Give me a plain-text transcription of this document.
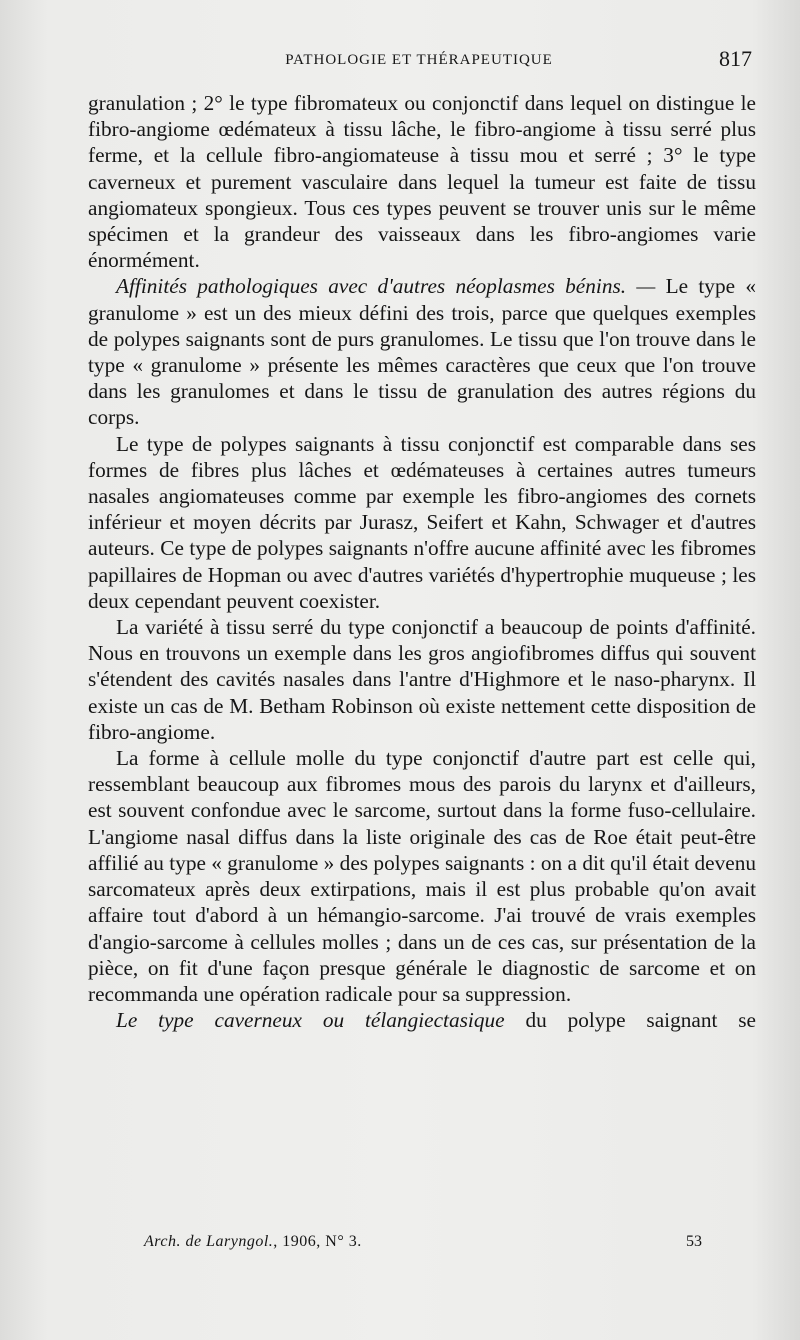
PATHOLOGIE ET THÉRAPEUTIQUE	817

granulation ; 2° le type fibromateux ou conjonctif dans lequel on distingue le fibro-angiome œdémateux à tissu lâche, le fibro-angiome à tissu serré plus ferme, et la cellule fibro-angiomateuse à tissu mou et serré ; 3° le type caverneux et purement vasculaire dans lequel la tumeur est faite de tissu angiomateux spongieux. Tous ces types peuvent se trouver unis sur le même spécimen et la grandeur des vaisseaux dans les fibro-angiomes varie énormément.

Affinités pathologiques avec d'autres néoplasmes bénins. — Le type « granulome » est un des mieux défini des trois, parce que quelques exemples de polypes saignants sont de purs granulomes. Le tissu que l'on trouve dans le type « granulome » présente les mêmes caractères que ceux que l'on trouve dans les granulomes et dans le tissu de granulation des autres régions du corps.

Le type de polypes saignants à tissu conjonctif est comparable dans ses formes de fibres plus lâches et œdémateuses à certaines autres tumeurs nasales angiomateuses comme par exemple les fibro-angiomes des cornets inférieur et moyen décrits par Jurasz, Seifert et Kahn, Schwager et d'autres auteurs. Ce type de polypes saignants n'offre aucune affinité avec les fibromes papillaires de Hopman ou avec d'autres variétés d'hypertrophie muqueuse ; les deux cependant peuvent coexister.

La variété à tissu serré du type conjonctif a beaucoup de points d'affinité. Nous en trouvons un exemple dans les gros angiofibromes diffus qui souvent s'étendent des cavités nasales dans l'antre d'Highmore et le naso-pharynx. Il existe un cas de M. Betham Robinson où existe nettement cette disposition de fibro-angiome.

La forme à cellule molle du type conjonctif d'autre part est celle qui, ressemblant beaucoup aux fibromes mous des parois du larynx et d'ailleurs, est souvent confondue avec le sarcome, surtout dans la forme fuso-cellulaire. L'angiome nasal diffus dans la liste originale des cas de Roe était peut-être affilié au type « granulome » des polypes saignants : on a dit qu'il était devenu sarcomateux après deux extirpations, mais il est plus probable qu'on avait affaire tout d'abord à un hémangio-sarcome. J'ai trouvé de vrais exemples d'angio-sarcome à cellules molles ; dans un de ces cas, sur présentation de la pièce, on fit d'une façon presque générale le diagnostic de sarcome et on recommanda une opération radicale pour sa suppression.

Le type caverneux ou télangiectasique du polype saignant se

Arch. de Laryngol., 1906, N° 3.	53
